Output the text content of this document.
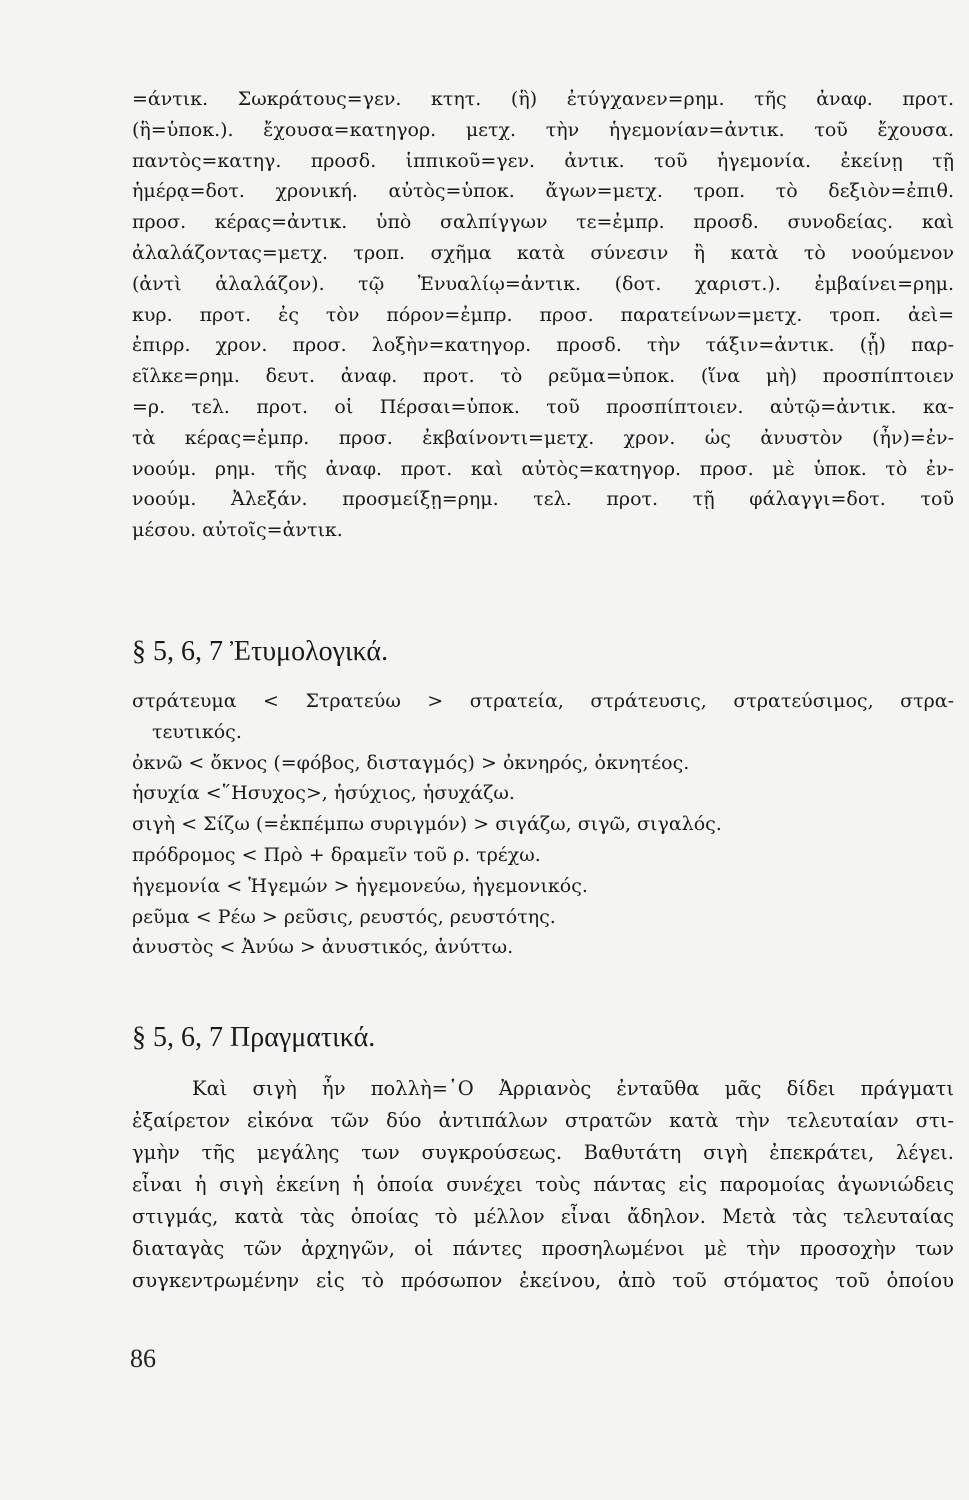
=άντικ. Σωκράτους=γεν. κτητ. (ἣ) ἐτύγχανεν=ρημ. τῆς ἀναφ. προτ.
(ἣ=ὑποκ.). ἔχουσα=κατηγορ. μετχ. τὴν ἡγεμονίαν=ἀντικ. τοῦ ἔχουσα.
παντὸς=κατηγ. προσδ. ἱππικοῦ=γεν. ἀντικ. τοῦ ἡγεμονία. ἐκείνῃ τῇ
ἡμέρᾳ=δοτ. χρονική. αὐτὸς=ὑποκ. ἄγων=μετχ. τροπ. τὸ δεξιὸν=ἐπιθ.
προσ. κέρας=ἀντικ. ὑπὸ σαλπίγγων τε=ἐμπρ. προσδ. συνοδείας. καὶ
ἀλαλάζοντας=μετχ. τροπ. σχῆμα κατὰ σύνεσιν ἢ κατὰ τὸ νοούμενον
(ἀντὶ ἀλαλάζον). τῷ Ἐνυαλίῳ=ἀντικ. (δοτ. χαριστ.). ἐμβαίνει=ρημ.
κυρ. προτ. ἐς τὸν πόρον=ἐμπρ. προσ. παρατείνων=μετχ. τροπ. ἀεὶ=
ἐπιρρ. χρον. προσ. λοξὴν=κατηγορ. προσδ. τὴν τάξιν=ἀντικ. (ᾗ) παρ-
εῖλκε=ρημ. δευτ. ἀναφ. προτ. τὸ ρεῦμα=ὑποκ. (ἵνα μὴ) προσπίπτοιεν
=ρ. τελ. προτ. οἱ Πέρσαι=ὑποκ. τοῦ προσπίπτοιεν. αὐτῷ=ἀντικ. κα-
τὰ κέρας=ἐμπρ. προσ. ἐκβαίνοντι=μετχ. χρον. ὡς ἀνυστὸν (ἦν)=ἐν-
νοούμ. ρημ. τῆς ἀναφ. προτ. καὶ αὐτὸς=κατηγορ. προσ. μὲ ὑποκ. τὸ ἐν-
νοούμ. Ἀλεξάν. προσμείξῃ=ρημ. τελ. προτ. τῇ φάλαγγι=δοτ. τοῦ
μέσου. αὐτοῖς=ἀντικ.
§ 5, 6, 7 Ἐτυμολογικά.
στράτευμα < Στρατεύω > στρατεία, στράτευσις, στρατεύσιμος, στρα-
τευτικός.
ὀκνῶ < ὄκνος (=φόβος, δισταγμός) > ὀκνηρός, ὀκνητέος.
ἡσυχία <῞Ησυχος>, ἡσύχιος, ἡσυχάζω.
σιγὴ < Σίζω (=ἐκπέμπω συριγμόν) > σιγάζω, σιγῶ, σιγαλός.
πρόδρομος < Πρὸ + δραμεῖν τοῦ ρ. τρέχω.
ἡγεμονία < Ἡγεμών > ἡγεμονεύω, ἡγεμονικός.
ρεῦμα < Ρέω > ρεῦσις, ρευστός, ρευστότης.
ἀνυστὸς < Ἀνύω > ἀνυστικός, ἀνύττω.
§ 5, 6, 7 Πραγματικά.
Καὶ σιγὴ ἦν πολλὴ=῾Ο Ἀρριανὸς ἐνταῦθα μᾶς δίδει πράγματι
ἐξαίρετον εἰκόνα τῶν δύο ἀντιπάλων στρατῶν κατὰ τὴν τελευταίαν στι-
γμὴν τῆς μεγάλης των συγκρούσεως. Βαθυτάτη σιγὴ ἐπεκράτει, λέγει.
εἶναι ἡ σιγὴ ἐκείνη ἡ ὁποία συνέχει τοὺς πάντας εἰς παρομοίας ἀγωνιώδεις
στιγμάς, κατὰ τὰς ὁποίας τὸ μέλλον εἶναι ἄδηλον. Μετὰ τὰς τελευταίας
διαταγὰς τῶν ἀρχηγῶν, οἱ πάντες προσηλωμένοι μὲ τὴν προσοχὴν των
συγκεντρωμένην εἰς τὸ πρόσωπον ἐκείνου, ἀπὸ τοῦ στόματος τοῦ ὁποίου
86
